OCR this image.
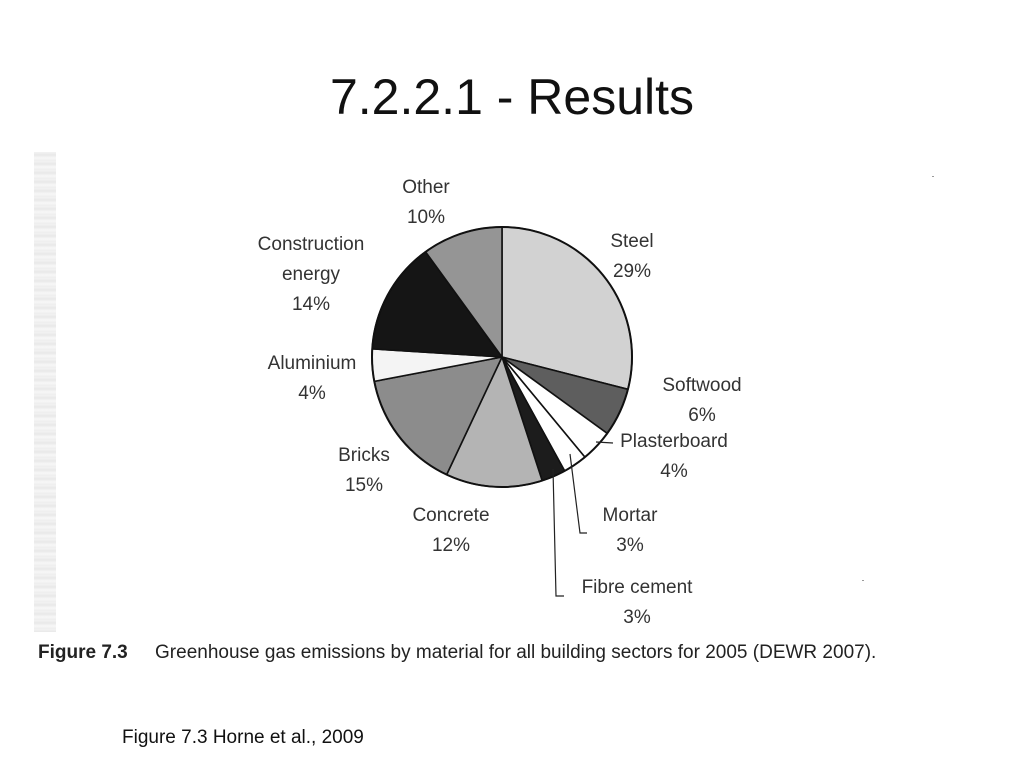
7.2.2.1 - Results
Steel 29%
Softwood 6%
Plasterboard 4%
Mortar 3%
Fibre cement 3%
Concrete 12%
Bricks 15%
Aluminium 4%
Construction energy 14%
Other 10%
Figure 7.3 Greenhouse gas emissions by material for all building sectors for 2005 (DEWR 2007).
Figure 7.3 Horne et al., 2009
